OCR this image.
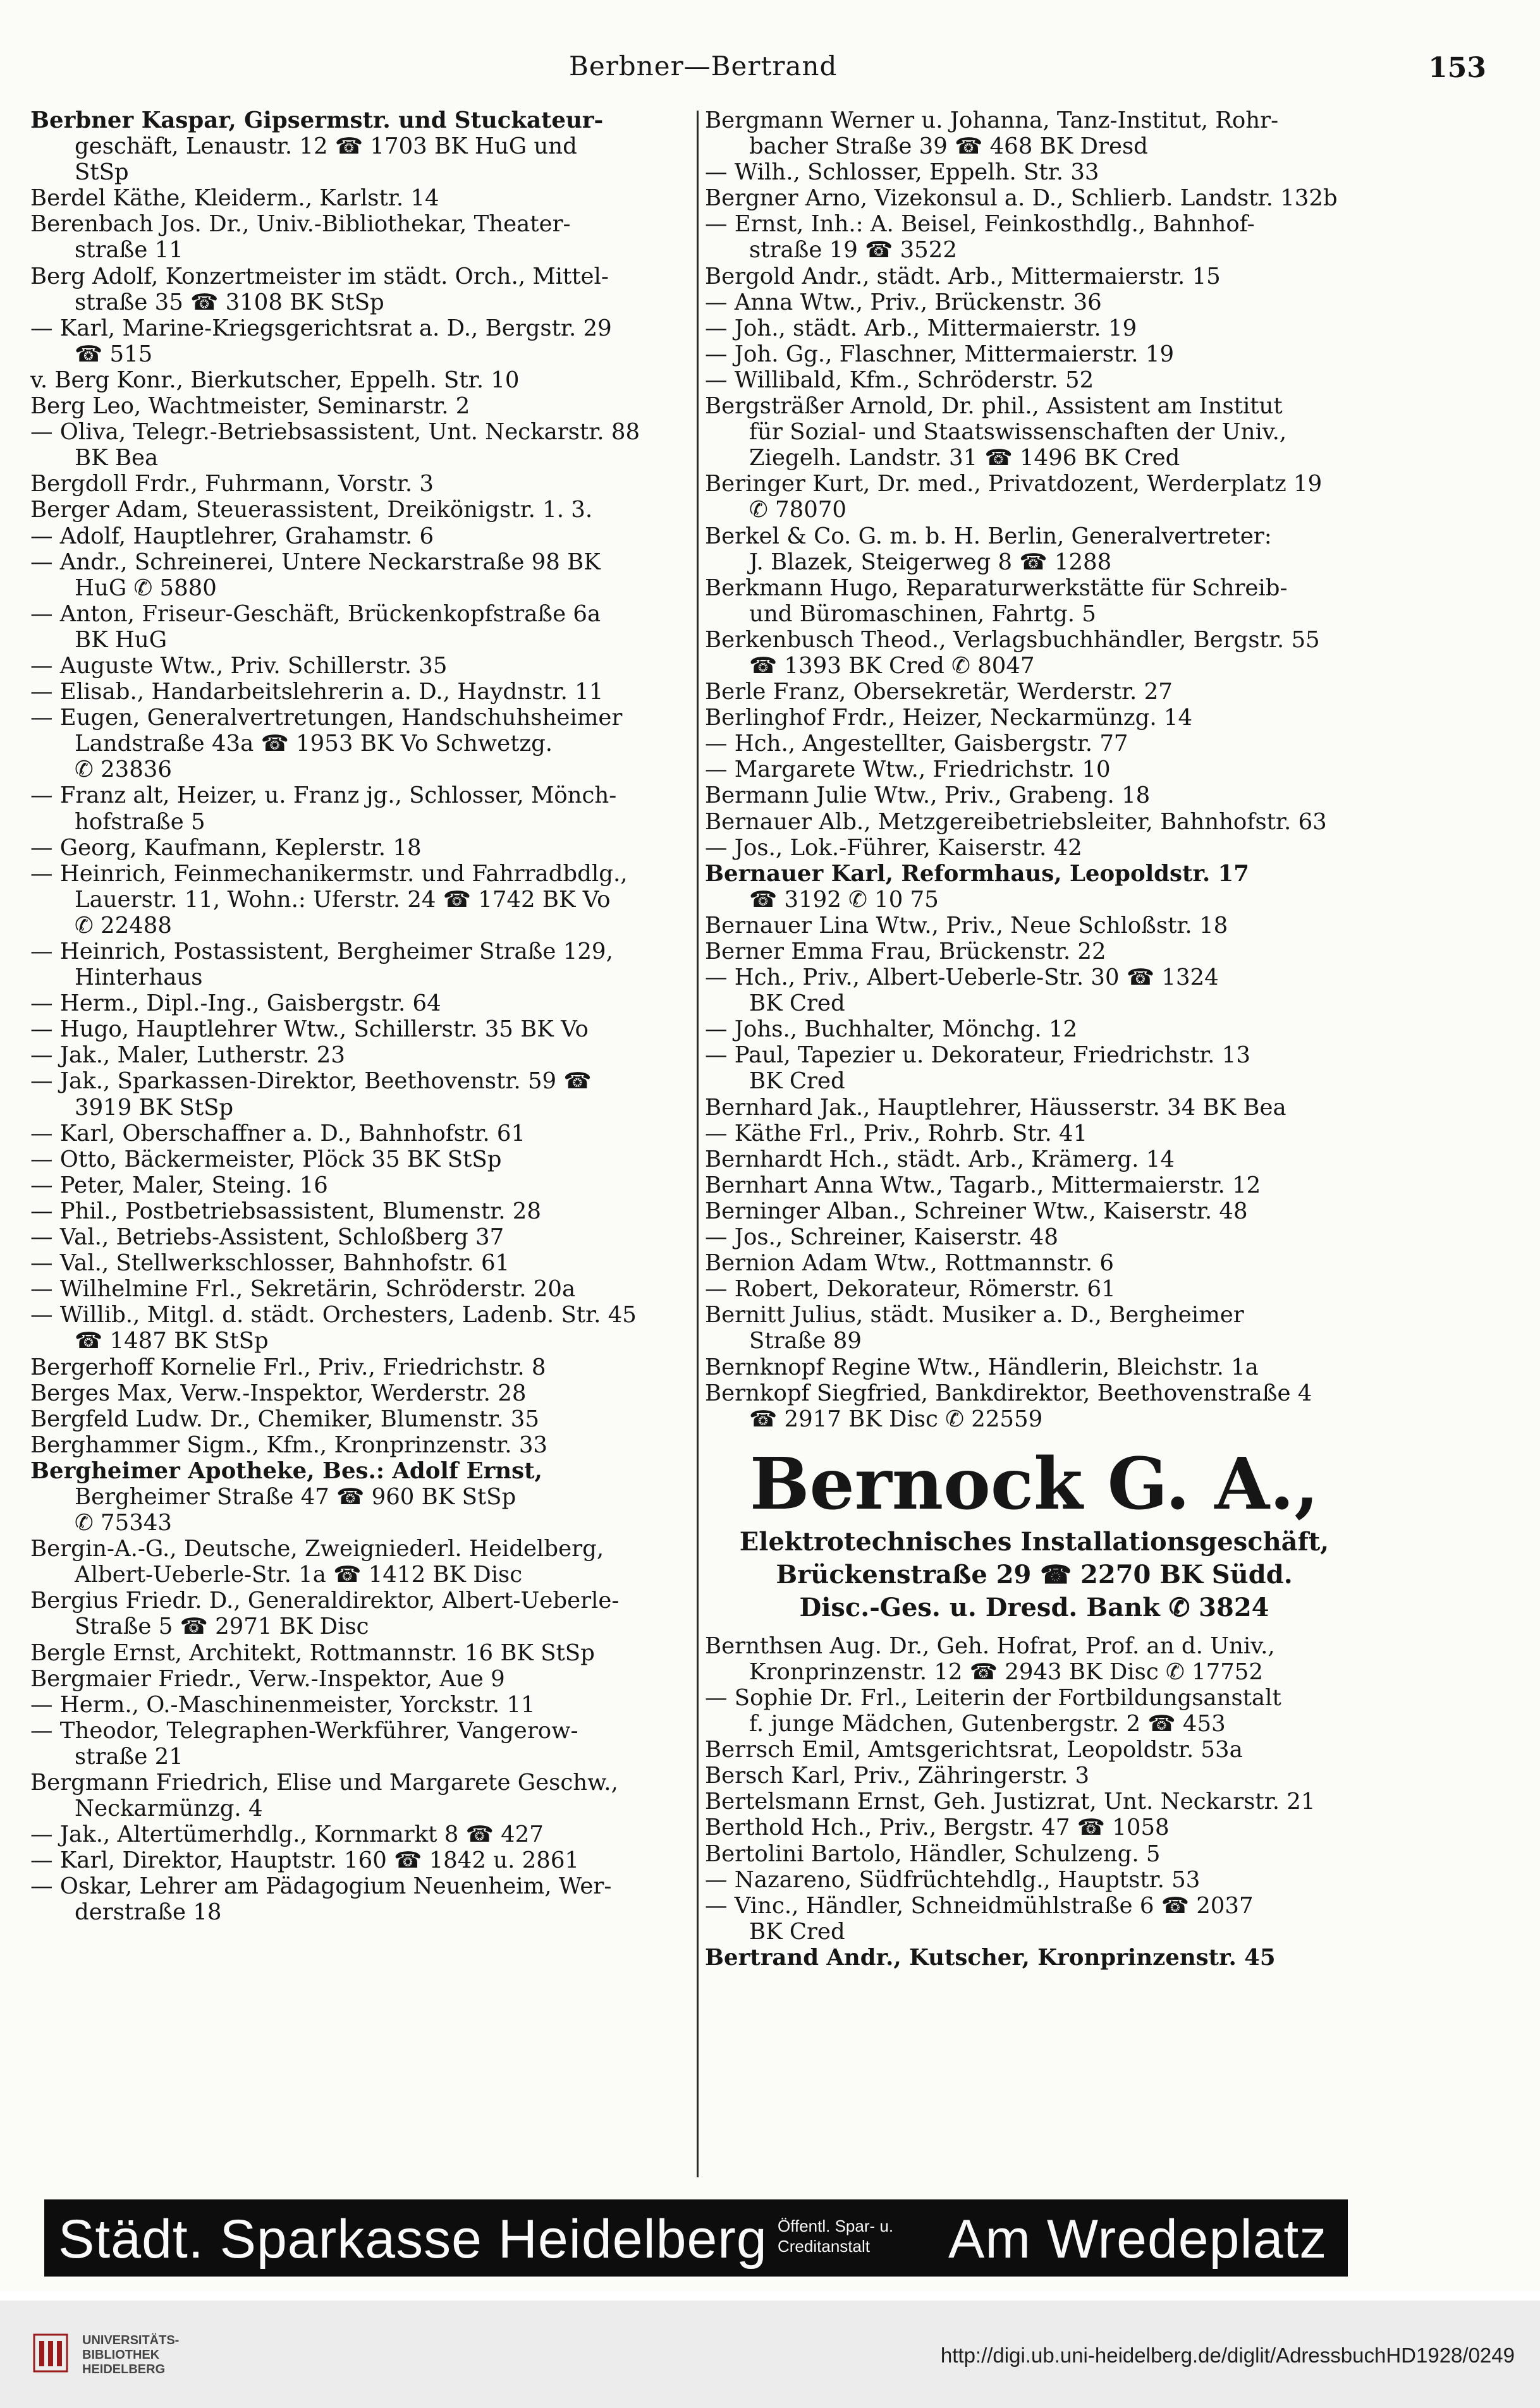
Berbner—Bertrand	153
Berbner Kaspar, Gipsermstr. und Stuckateur-
geschäft, Lenaustr. 12 ☎ 1703 BK HuG und
StSp
Berdel Käthe, Kleiderm., Karlstr. 14
Berenbach Jos. Dr., Univ.-Bibliothekar, Theater-
straße 11
Berg Adolf, Konzertmeister im städt. Orch., Mittel-
straße 35 ☎ 3108 BK StSp
— Karl, Marine-Kriegsgerichtsrat a. D., Bergstr. 29
☎ 515
v. Berg Konr., Bierkutscher, Eppelh. Str. 10
Berg Leo, Wachtmeister, Seminarstr. 2
— Oliva, Telegr.-Betriebsassistent, Unt. Neckarstr. 88
BK Bea
Bergdoll Frdr., Fuhrmann, Vorstr. 3
Berger Adam, Steuerassistent, Dreikönigstr. 1. 3.
— Adolf, Hauptlehrer, Grahamstr. 6
— Andr., Schreinerei, Untere Neckarstraße 98 BK
HuG ✆ 5880
— Anton, Friseur-Geschäft, Brückenkopfstraße 6a
BK HuG
— Auguste Wtw., Priv. Schillerstr. 35
— Elisab., Handarbeitslehrerin a. D., Haydnstr. 11
— Eugen, Generalvertretungen, Handschuhsheimer
Landstraße 43a ☎ 1953 BK Vo Schwetzg.
✆ 23836
— Franz alt, Heizer, u. Franz jg., Schlosser, Mönch-
hofstraße 5
— Georg, Kaufmann, Keplerstr. 18
— Heinrich, Feinmechanikermstr. und Fahrradbdlg.,
Lauerstr. 11, Wohn.: Uferstr. 24 ☎ 1742 BK Vo
✆ 22488
— Heinrich, Postassistent, Bergheimer Straße 129,
Hinterhaus
— Herm., Dipl.-Ing., Gaisbergstr. 64
— Hugo, Hauptlehrer Wtw., Schillerstr. 35 BK Vo
— Jak., Maler, Lutherstr. 23
— Jak., Sparkassen-Direktor, Beethovenstr. 59 ☎
3919 BK StSp
— Karl, Oberschaffner a. D., Bahnhofstr. 61
— Otto, Bäckermeister, Plöck 35 BK StSp
— Peter, Maler, Steing. 16
— Phil., Postbetriebsassistent, Blumenstr. 28
— Val., Betriebs-Assistent, Schloßberg 37
— Val., Stellwerkschlosser, Bahnhofstr. 61
— Wilhelmine Frl., Sekretärin, Schröderstr. 20a
— Willib., Mitgl. d. städt. Orchesters, Ladenb. Str. 45
☎ 1487 BK StSp
Bergerhoff Kornelie Frl., Priv., Friedrichstr. 8
Berges Max, Verw.-Inspektor, Werderstr. 28
Bergfeld Ludw. Dr., Chemiker, Blumenstr. 35
Berghammer Sigm., Kfm., Kronprinzenstr. 33
Bergheimer Apotheke, Bes.: Adolf Ernst,
Bergheimer Straße 47 ☎ 960 BK StSp
✆ 75343
Bergin-A.-G., Deutsche, Zweigniederl. Heidelberg,
Albert-Ueberle-Str. 1a ☎ 1412 BK Disc
Bergius Friedr. D., Generaldirektor, Albert-Ueberle-
Straße 5 ☎ 2971 BK Disc
Bergle Ernst, Architekt, Rottmannstr. 16 BK StSp
Bergmaier Friedr., Verw.-Inspektor, Aue 9
— Herm., O.-Maschinenmeister, Yorckstr. 11
— Theodor, Telegraphen-Werkführer, Vangerow-
straße 21
Bergmann Friedrich, Elise und Margarete Geschw.,
Neckarmünzg. 4
— Jak., Altertümerhdlg., Kornmarkt 8 ☎ 427
— Karl, Direktor, Hauptstr. 160 ☎ 1842 u. 2861
— Oskar, Lehrer am Pädagogium Neuenheim, Wer-
derstraße 18
Bergmann Werner u. Johanna, Tanz-Institut, Rohr-
bacher Straße 39 ☎ 468 BK Dresd
— Wilh., Schlosser, Eppelh. Str. 33
Bergner Arno, Vizekonsul a. D., Schlierb. Landstr. 132b
— Ernst, Inh.: A. Beisel, Feinkosthdlg., Bahnhof-
straße 19 ☎ 3522
Bergold Andr., städt. Arb., Mittermaierstr. 15
— Anna Wtw., Priv., Brückenstr. 36
— Joh., städt. Arb., Mittermaierstr. 19
— Joh. Gg., Flaschner, Mittermaierstr. 19
— Willibald, Kfm., Schröderstr. 52
Bergsträßer Arnold, Dr. phil., Assistent am Institut
für Sozial- und Staatswissenschaften der Univ.,
Ziegelh. Landstr. 31 ☎ 1496 BK Cred
Beringer Kurt, Dr. med., Privatdozent, Werderplatz 19
✆ 78070
Berkel & Co. G. m. b. H. Berlin, Generalvertreter:
J. Blazek, Steigerweg 8 ☎ 1288
Berkmann Hugo, Reparaturwerkstätte für Schreib-
und Büromaschinen, Fahrtg. 5
Berkenbusch Theod., Verlagsbuchhändler, Bergstr. 55
☎ 1393 BK Cred ✆ 8047
Berle Franz, Obersekretär, Werderstr. 27
Berlinghof Frdr., Heizer, Neckarmünzg. 14
— Hch., Angestellter, Gaisbergstr. 77
— Margarete Wtw., Friedrichstr. 10
Bermann Julie Wtw., Priv., Grabeng. 18
Bernauer Alb., Metzgereibetriebsleiter, Bahnhofstr. 63
— Jos., Lok.-Führer, Kaiserstr. 42
Bernauer Karl, Reformhaus, Leopoldstr. 17
☎ 3192 ✆ 10 75
Bernauer Lina Wtw., Priv., Neue Schloßstr. 18
Berner Emma Frau, Brückenstr. 22
— Hch., Priv., Albert-Ueberle-Str. 30 ☎ 1324
BK Cred
— Johs., Buchhalter, Mönchg. 12
— Paul, Tapezier u. Dekorateur, Friedrichstr. 13
BK Cred
Bernhard Jak., Hauptlehrer, Häusserstr. 34 BK Bea
— Käthe Frl., Priv., Rohrb. Str. 41
Bernhardt Hch., städt. Arb., Krämerg. 14
Bernhart Anna Wtw., Tagarb., Mittermaierstr. 12
Berninger Alban., Schreiner Wtw., Kaiserstr. 48
— Jos., Schreiner, Kaiserstr. 48
Bernion Adam Wtw., Rottmannstr. 6
— Robert, Dekorateur, Römerstr. 61
Bernitt Julius, städt. Musiker a. D., Bergheimer
Straße 89
Bernknopf Regine Wtw., Händlerin, Bleichstr. 1a
Bernkopf Siegfried, Bankdirektor, Beethovenstraße 4
☎ 2917 BK Disc ✆ 22559
Bernock G. A.,
Elektrotechnisches Installationsgeschäft,
Brückenstraße 29 ☎ 2270 BK Südd.
Disc.-Ges. u. Dresd. Bank ✆ 3824
Bernthsen Aug. Dr., Geh. Hofrat, Prof. an d. Univ.,
Kronprinzenstr. 12 ☎ 2943 BK Disc ✆ 17752
— Sophie Dr. Frl., Leiterin der Fortbildungsanstalt
f. junge Mädchen, Gutenbergstr. 2 ☎ 453
Berrsch Emil, Amtsgerichtsrat, Leopoldstr. 53a
Bersch Karl, Priv., Zähringerstr. 3
Bertelsmann Ernst, Geh. Justizrat, Unt. Neckarstr. 21
Berthold Hch., Priv., Bergstr. 47 ☎ 1058
Bertolini Bartolo, Händler, Schulzeng. 5
— Nazareno, Südfrüchtehdlg., Hauptstr. 53
— Vinc., Händler, Schneidmühlstraße 6 ☎ 2037
BK Cred
Bertrand Andr., Kutscher, Kronprinzenstr. 45
Städt. Sparkasse Heidelberg Öffentl. Spar- u.
Creditanstalt	Am Wredeplatz
UNIVERSITÄTS-
BIBLIOTHEK
HEIDELBERG
http://digi.ub.uni-heidelberg.de/diglit/AdressbuchHD1928/0249
